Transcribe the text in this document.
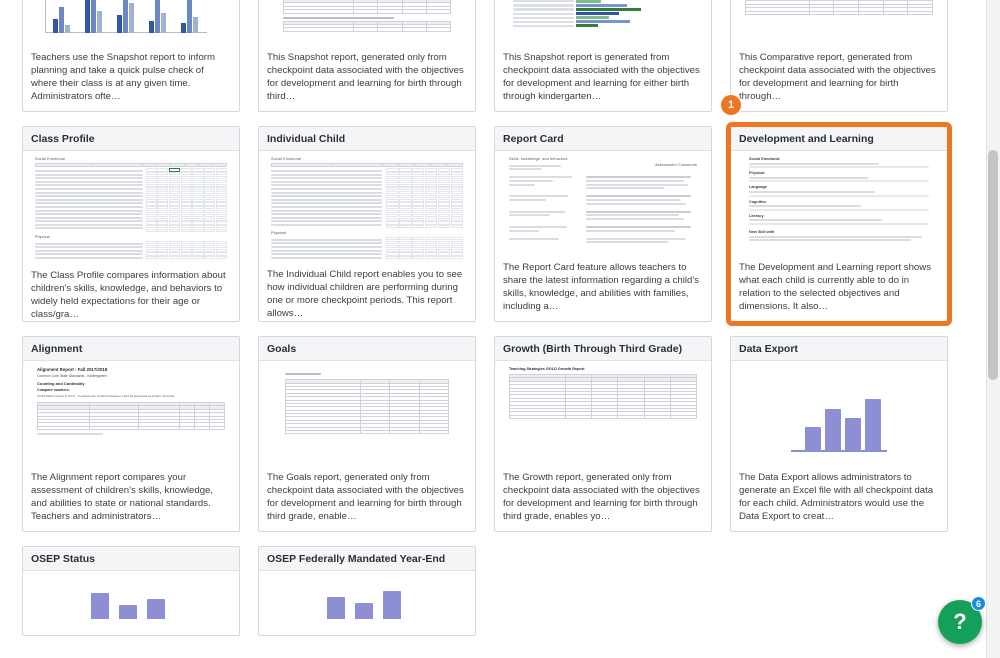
Teachers use the Snapshot report to inform planning and take a quick pulse check of where their class is at any given time. Administrators ofte…

This Snapshot report, generated only from checkpoint data associated with the objectives for development and learning for birth through third…
This Snapshot report is generated from checkpoint data associated with the objectives for development and learning for either birth through kindergarten…

This Comparative report, generated from checkpoint data associated with the objectives for development and learning for birth through…
Class Profile
Social Emotional

Physical
The Class Profile compares information about children's skills, knowledge, and behaviors to widely held expectations for their age or class/gra…
Individual Child
Social Emotional

Physical
The Individual Child report enables you to see how individual children are performing during one or more checkpoint periods. This report allows…
Report Card
Skills, knowledge, and behaviors
Assessment Comments
The Report Card feature allows teachers to share the latest information regarding a child's skills, knowledge, and abilities with families, including a…
1
Development and Learning
Social Emotional
Physical
Language
Cognitive
Literacy
New Skill with
The Development and Learning report shows what each child is currently able to do in relation to the selected objectives and dimensions. It also…
Alignment
Alignment Report - Fall 2017/2018
Common Core State Standards - Kindergarten
Counting and Cardinality
Compare numbers.
CCSS.Math.Content.K.CC.6 – Compare two numbers between 1 and 10 presented as written numerals.

The Alignment report compares your assessment of children's skills, knowledge, and abilities to state or national standards. Teachers and administrators…
Goals

The Goals report, generated only from checkpoint data associated with the objectives for development and learning for birth through third grade, enable…
Growth (Birth Through Third Grade)
Teaching Strategies GOLD Growth Report

The Growth report, generated only from checkpoint data associated with the objectives for development and learning for birth through third grade, enables yo…
Data Export
The Data Export allows administrators to generate an Excel file with all checkpoint data for each child. Administrators would use the Data Export to creat…
OSEP Status	OSEP Federally Mandated Year-End
?
6
